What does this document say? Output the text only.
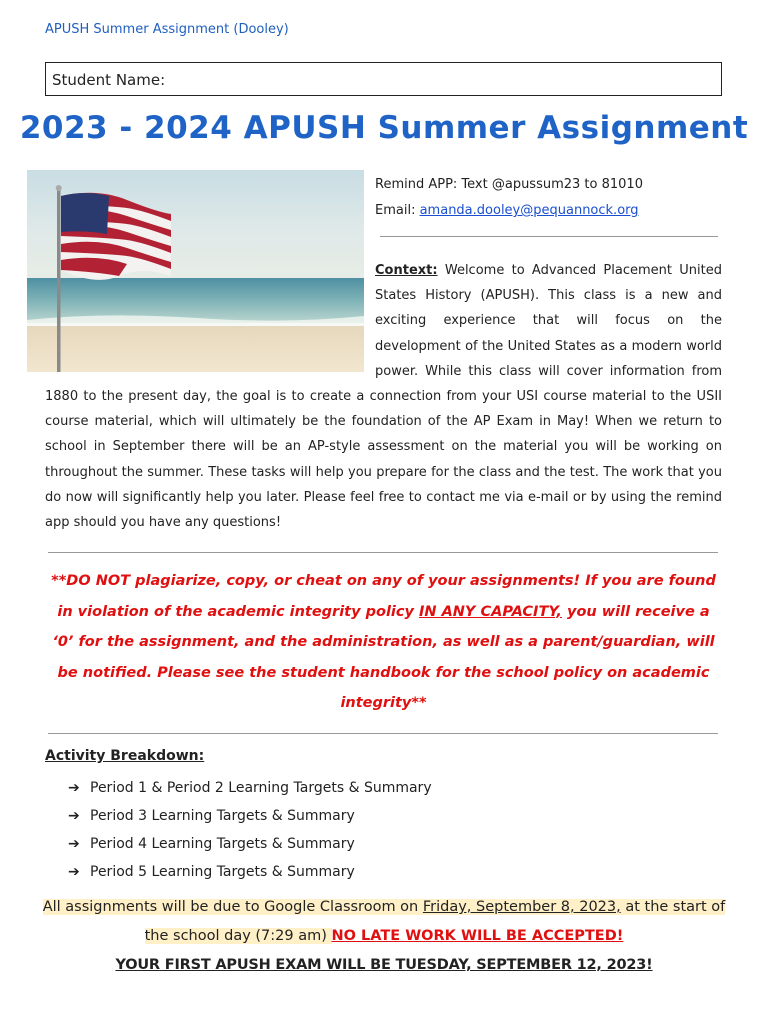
APUSH Summer Assignment (Dooley)
Student Name:
2023 - 2024 APUSH Summer Assignment
Remind APP: Text @apussum23 to 81010
Email: amanda.dooley@pequannock.org
Context: Welcome to Advanced Placement United States History (APUSH). This class is a new and exciting experience that will focus on the development of the United States as a modern world power. While this class will cover information from 1880 to the present day, the goal is to create a connection from your USI course material to the USII course material, which will ultimately be the foundation of the AP Exam in May! When we return to school in September there will be an AP-style assessment on the material you will be working on throughout the summer. These tasks will help you prepare for the class and the test. The work that you do now will significantly help you later. Please feel free to contact me via e-mail or by using the remind app should you have any questions!
**DO NOT plagiarize, copy, or cheat on any of your assignments! If you are found in violation of the academic integrity policy IN ANY CAPACITY, you will receive a ‘0’ for the assignment, and the administration, as well as a parent/guardian, will be notified. Please see the student handbook for the school policy on academic integrity**
Activity Breakdown:
➔ Period 1 & Period 2 Learning Targets & Summary
➔ Period 3 Learning Targets & Summary
➔ Period 4 Learning Targets & Summary
➔ Period 5 Learning Targets & Summary
All assignments will be due to Google Classroom on Friday, September 8, 2023, at the start of the school day (7:29 am) NO LATE WORK WILL BE ACCEPTED!
YOUR FIRST APUSH EXAM WILL BE TUESDAY, SEPTEMBER 12, 2023!
